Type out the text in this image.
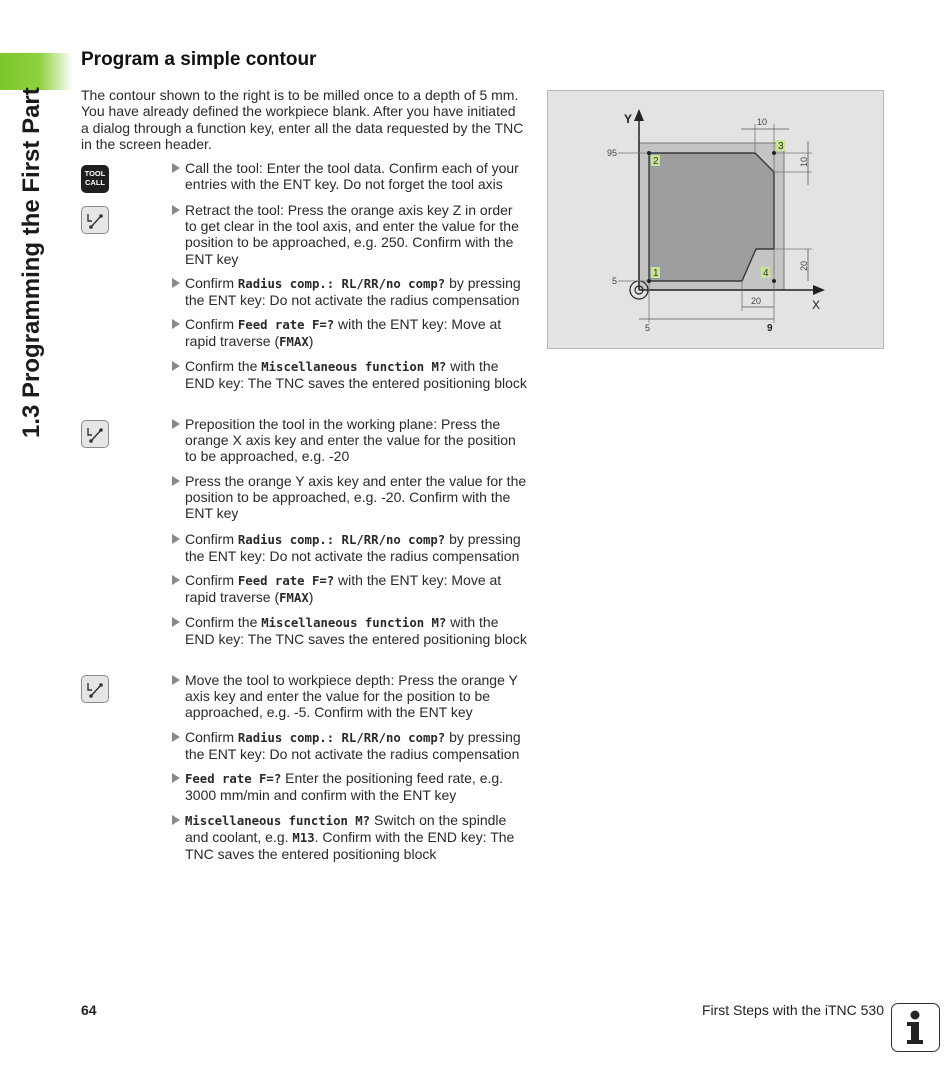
1.3 Programming the First Part
Program a simple contour
The contour shown to the right is to be milled once to a depth of 5 mm. You have already defined the workpiece blank. After you have initiated a dialog through a function key, enter all the data requested by the TNC in the screen header.
TOOL
CALL
Call the tool: Enter the tool data. Confirm each of your entries with the ENT key. Do not forget the tool axis
Retract the tool: Press the orange axis key Z in order to get clear in the tool axis, and enter the value for the position to be approached, e.g. 250. Confirm with the ENT key
Confirm Radius comp.: RL/RR/no comp? by pressing the ENT key: Do not activate the radius compensation
Confirm Feed rate F=? with the ENT key: Move at rapid traverse (FMAX)
Confirm the Miscellaneous function M? with the END key: The TNC saves the entered positioning block
Preposition the tool in the working plane: Press the orange X axis key and enter the value for the position to be approached, e.g. -20
Press the orange Y axis key and enter the value for the position to be approached, e.g. -20. Confirm with the ENT key
Confirm Radius comp.: RL/RR/no comp? by pressing the ENT key: Do not activate the radius compensation
Confirm Feed rate F=? with the ENT key: Move at rapid traverse (FMAX)
Confirm the Miscellaneous function M? with the END key: The TNC saves the entered positioning block
Move the tool to workpiece depth: Press the orange Y axis key and enter the value for the position to be approached, e.g. -5. Confirm with the ENT key
Confirm Radius comp.: RL/RR/no comp? by pressing the ENT key: Do not activate the radius compensation
Feed rate F=? Enter the positioning feed rate, e.g. 3000 mm/min and confirm with the ENT key
Miscellaneous function M? Switch on the spindle and coolant, e.g. M13. Confirm with the END key: The TNC saves the entered positioning block
Y
X
95
5
5	9
20
10
10
20
1
2
3
4
64	First Steps with the iTNC 530
